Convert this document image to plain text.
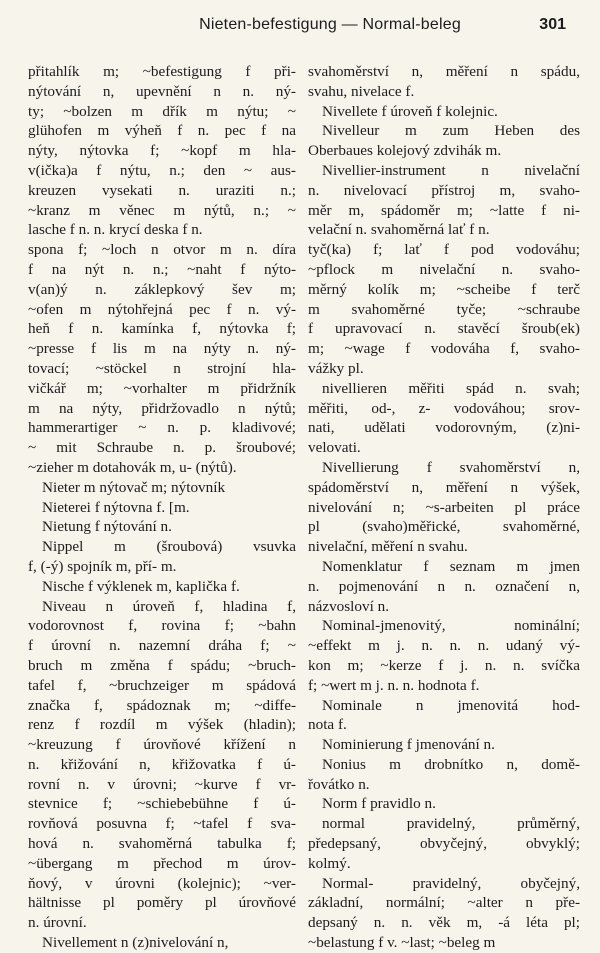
Nieten-befestigung — Normal-beleg	301
přitahlík m; ~befestigung f při-
nýtování n, upevnění n n. ný-
ty; ~bolzen m dřík m nýtu; ~
glühofen m výheň f n. pec f na
nýty, nýtovka f; ~kopf m hla-
v(ička)a f nýtu, n.; den ~ aus-
kreuzen vysekati n. uraziti n.;
~kranz m věnec m nýtů, n.; ~
lasche f n. n. krycí deska f n.
spona f; ~loch n otvor m n. díra
f na nýt n. n.; ~naht f nýto-
v(an)ý n. záklepkový šev m;
~ofen m nýtohřejná pec f n. vý-
heň f n. kamínka f, nýtovka f;
~presse f lis m na nýty n. ný-
tovací; ~stöckel n strojní hla-
vičkář m; ~vorhalter m přidržník
m na nýty, přidržovadlo n nýtů;
hammerartiger ~ n. p. kladivové;
~ mit Schraube n. p. šroubové;
~zieher m dotahovák m, u- (nýtů).
Nieter m nýtovač m; nýtovník
Nieterei f nýtovna f. [m.
Nietung f nýtování n.
Nippel m (šroubová) vsuvka
f, (-ý) spojník m, pří- m.
Nische f výklenek m, kaplička f.
Niveau n úroveň f, hladina f,
vodorovnost f, rovina f; ~bahn
f úrovní n. nazemní dráha f; ~
bruch m změna f spádu; ~bruch-
tafel f, ~bruchzeiger m spádová
značka f, spádoznak m; ~diffe-
renz f rozdíl m výšek (hladin);
~kreuzung f úrovňové křížení n
n. křižování n, křižovatka f ú-
rovní n. v úrovni; ~kurve f vr-
stevnice f; ~schiebebühne f ú-
rovňová posuvna f; ~tafel f sva-
hová n. svahoměrná tabulka f;
~übergang m přechod m úrov-
ňový, v úrovni (kolejnic); ~ver-
hältnisse pl poměry pl úrovňové
n. úrovní.
Nivellement n (z)nivelování n,
svahoměrství n, měření n spádu,
svahu, nivelace f.
Nivellete f úroveň f kolejnic.
Nivelleur m zum Heben des
Oberbaues kolejový zdvihák m.
Nivellier-instrument n nivelační
n. nivelovací přístroj m, svaho-
měr m, spádoměr m; ~latte f ni-
velační n. svahoměrná lať f n.
tyč(ka) f; lať f pod vodováhu;
~pflock m nivelační n. svaho-
měrný kolík m; ~scheibe f terč
m svahoměrné tyče; ~schraube
f upravovací n. stavěcí šroub(ek)
m; ~wage f vodováha f, svaho-
vážky pl.
nivellieren měřiti spád n. svah;
měřiti, od-, z- vodováhou; srov-
nati, udělati vodorovným, (z)ni-
velovati.
Nivellierung f svahoměrství n,
spádoměrství n, měření n výšek,
nivelování n; ~s-arbeiten pl práce
pl (svaho)měřické, svahoměrné,
nivelační, měření n svahu.
Nomenklatur f seznam m jmen
n. pojmenování n n. označení n,
názvosloví n.
Nominal-jmenovitý, nominální;
~effekt m j. n. n. n. udaný vý-
kon m; ~kerze f j. n. n. svíčka
f; ~wert m j. n. n. hodnota f.
Nominale n jmenovitá hod-
nota f.
Nominierung f jmenování n.
Nonius m drobnítko n, domě-
řovátko n.
Norm f pravidlo n.
normal pravidelný, průměrný,
předepsaný, obvyčejný, obvyklý;
kolmý.
Normal- pravidelný, obyčejný,
základní, normální; ~alter n pře-
depsaný n. n. věk m, -á léta pl;
~belastung f v. ~last; ~beleg m
